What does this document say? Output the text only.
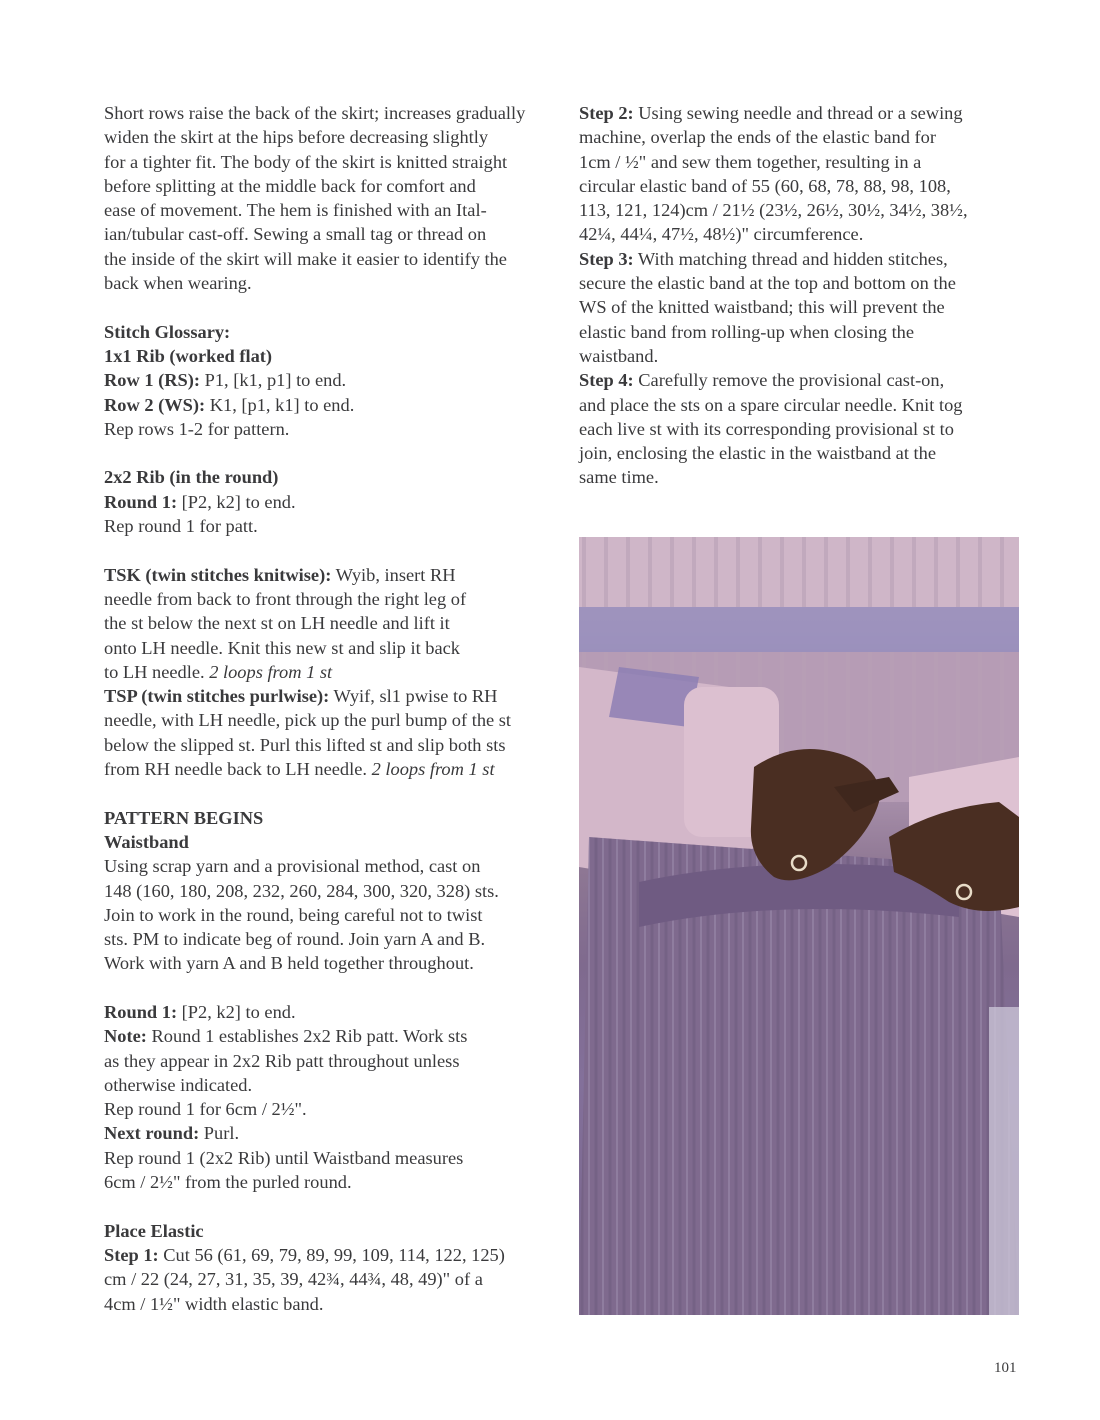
Short rows raise the back of the skirt; increases gradually
widen the skirt at the hips before decreasing slightly
for a tighter fit. The body of the skirt is knitted straight
before splitting at the middle back for comfort and
ease of movement. The hem is finished with an Ital-
ian/tubular cast-off. Sewing a small tag or thread on
the inside of the skirt will make it easier to identify the
back when wearing.
Stitch Glossary:
1x1 Rib (worked flat)
Row 1 (RS): P1, [k1, p1] to end.
Row 2 (WS): K1, [p1, k1] to end.
Rep rows 1-2 for pattern.
2x2 Rib (in the round)
Round 1: [P2, k2] to end.
Rep round 1 for patt.
TSK (twin stitches knitwise): Wyib, insert RH
needle from back to front through the right leg of
the st below the next st on LH needle and lift it
onto LH needle. Knit this new st and slip it back
to LH needle. 2 loops from 1 st
TSP (twin stitches purlwise): Wyif, sl1 pwise to RH
needle, with LH needle, pick up the purl bump of the st
below the slipped st. Purl this lifted st and slip both sts
from RH needle back to LH needle. 2 loops from 1 st
PATTERN BEGINS
Waistband
Using scrap yarn and a provisional method, cast on
148 (160, 180, 208, 232, 260, 284, 300, 320, 328) sts.
Join to work in the round, being careful not to twist
sts. PM to indicate beg of round. Join yarn A and B.
Work with yarn A and B held together throughout.
Round 1: [P2, k2] to end.
Note: Round 1 establishes 2x2 Rib patt. Work sts
as they appear in 2x2 Rib patt throughout unless
otherwise indicated.
Rep round 1 for 6cm / 2½".
Next round: Purl.
Rep round 1 (2x2 Rib) until Waistband measures
6cm / 2½" from the purled round.
Place Elastic
Step 1: Cut 56 (61, 69, 79, 89, 99, 109, 114, 122, 125)
cm / 22 (24, 27, 31, 35, 39, 42¾, 44¾, 48, 49)" of a
4cm / 1½" width elastic band.
Step 2: Using sewing needle and thread or a sewing
machine, overlap the ends of the elastic band for
1cm / ½" and sew them together, resulting in a
circular elastic band of 55 (60, 68, 78, 88, 98, 108,
113, 121, 124)cm / 21½ (23½, 26½, 30½, 34½, 38½,
42¼, 44¼, 47½, 48½)" circumference.
Step 3: With matching thread and hidden stitches,
secure the elastic band at the top and bottom on the
WS of the knitted waistband; this will prevent the
elastic band from rolling-up when closing the
waistband.
Step 4: Carefully remove the provisional cast-on,
and place the sts on a spare circular needle. Knit tog
each live st with its corresponding provisional st to
join, enclosing the elastic in the waistband at the
same time.
101
